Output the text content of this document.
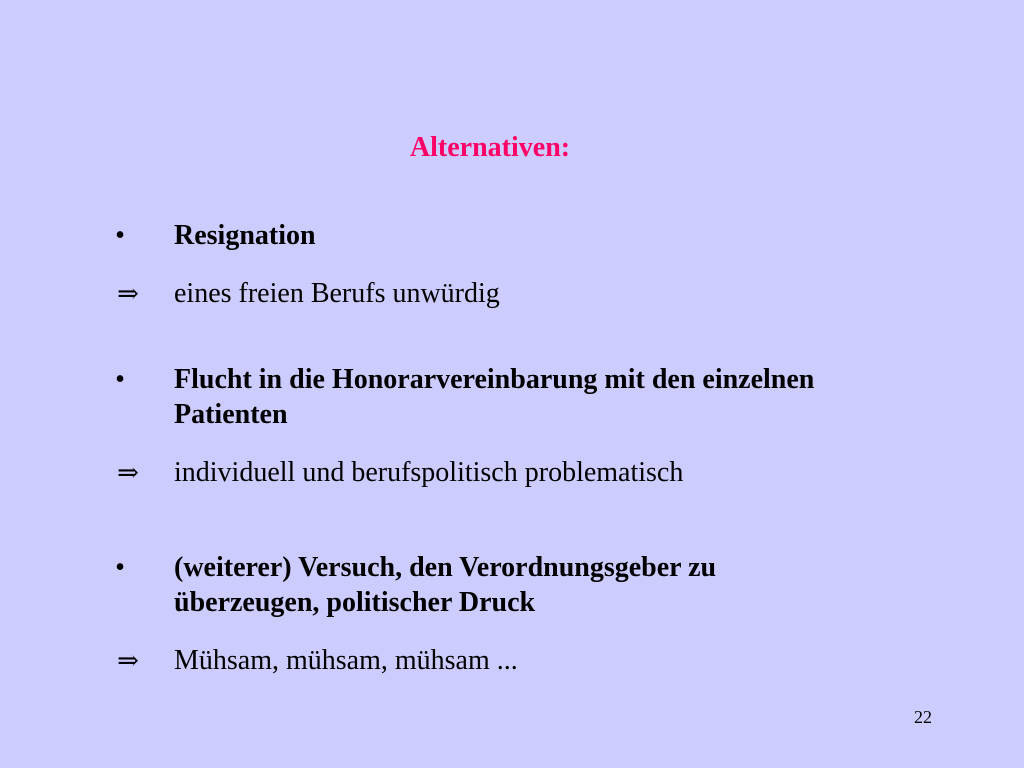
Alternativen:
• Resignation
⇒	eines freien Berufs unwürdig
• Flucht in die Honorarvereinbarung mit den einzelnen Patienten
⇒	individuell und berufspolitisch problematisch
• (weiterer) Versuch, den Verordnungsgeber zu überzeugen, politischer Druck
⇒	Mühsam, mühsam, mühsam ...
22
